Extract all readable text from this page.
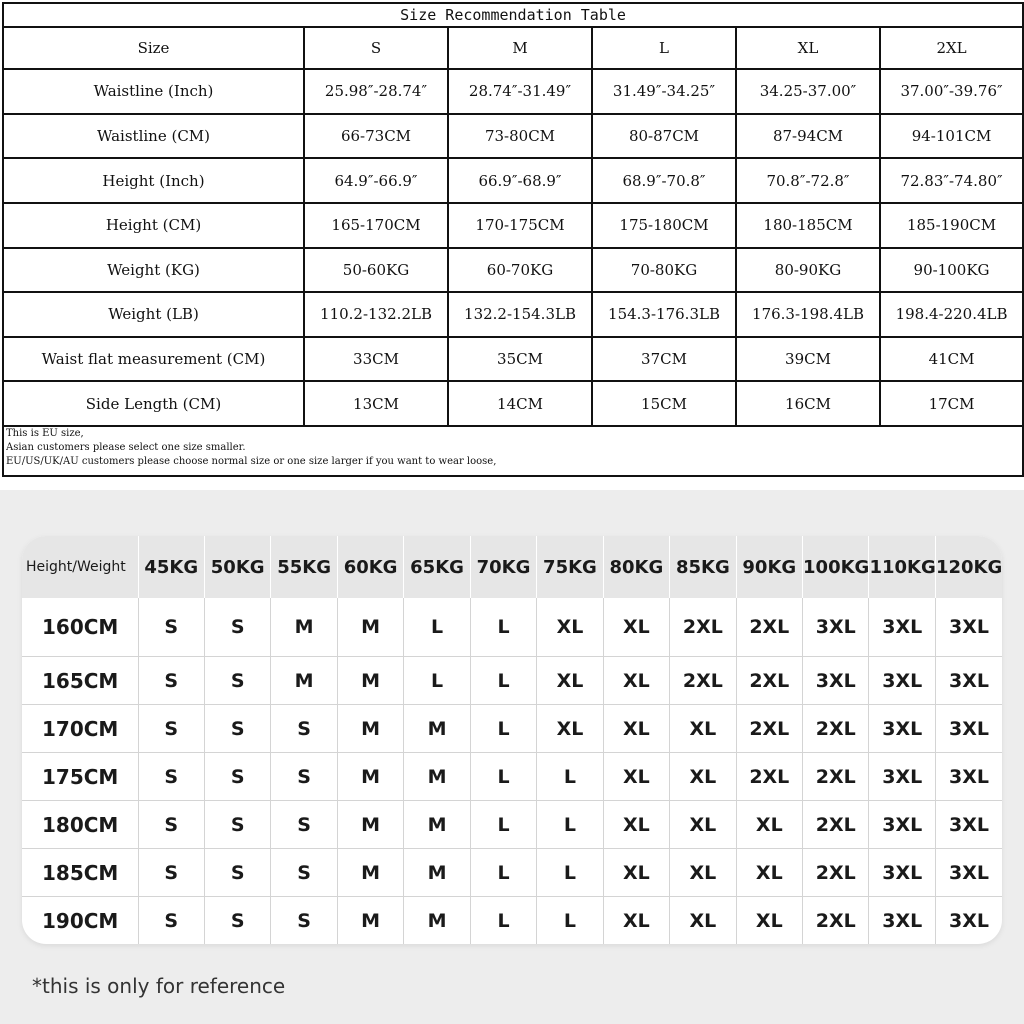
Size Recommendation Table					
Size	S	M	L	XL	2XL
Waistline (Inch)	25.98″-28.74″	28.74″-31.49″	31.49″-34.25″	34.25-37.00″	37.00″-39.76″
Waistline (CM)	66-73CM	73-80CM	80-87CM	87-94CM	94-101CM
Height (Inch)	64.9″-66.9″	66.9″-68.9″	68.9″-70.8″	70.8″-72.8″	72.83″-74.80″
Height (CM)	165-170CM	170-175CM	175-180CM	180-185CM	185-190CM
Weight (KG)	50-60KG	60-70KG	70-80KG	80-90KG	90-100KG
Weight (LB)	110.2-132.2LB	132.2-154.3LB	154.3-176.3LB	176.3-198.4LB	198.4-220.4LB
Waist flat measurement (CM)	33CM	35CM	37CM	39CM	41CM
Side Length (CM)	13CM	14CM	15CM	16CM	17CM

This is EU size,
Asian customers please select one size smaller.
EU/US/UK/AU customers please choose normal size or one size larger if you want to wear loose,					
Height/Weight	45KG	50KG	55KG	60KG	65KG	70KG	75KG	80KG	85KG	90KG	100KG	110KG	120KG
160CM	S	S	M	M	L	L	XL	XL	2XL	2XL	3XL	3XL	3XL
165CM	S	S	M	M	L	L	XL	XL	2XL	2XL	3XL	3XL	3XL
170CM	S	S	S	M	M	L	XL	XL	XL	2XL	2XL	3XL	3XL
175CM	S	S	S	M	M	L	L	XL	XL	2XL	2XL	3XL	3XL
180CM	S	S	S	M	M	L	L	XL	XL	XL	2XL	3XL	3XL
185CM	S	S	S	M	M	L	L	XL	XL	XL	2XL	3XL	3XL
190CM	S	S	S	M	M	L	L	XL	XL	XL	2XL	3XL	3XL
*this is only for reference
